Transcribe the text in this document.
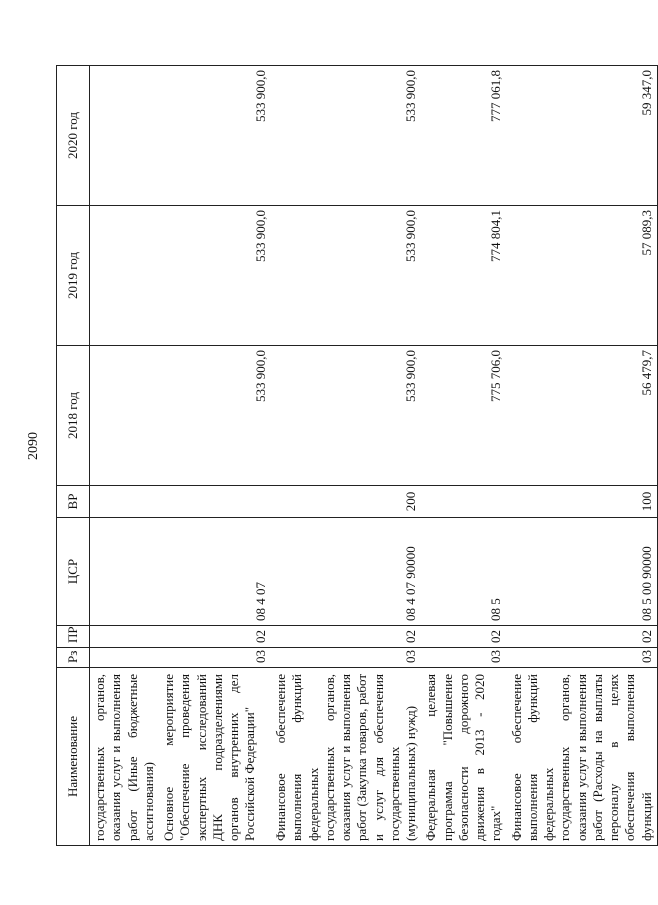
2090
Наименование	Рз	ПР	ЦСР	ВР	2018 год	2019 год	2020 год
государственных органов, оказания услуг и выполнения работ (Иные бюджетные ассигнования)							
Основное мероприятие "Обеспечение проведения экспертных исследований ДНК подразделениями органов внутренних дел Российской Федерации"	03	02	08 4 07		533 900,0	533 900,0	533 900,0
Финансовое обеспечение выполнения функций федеральных государственных органов, оказания услуг и выполнения работ (Закупка товаров, работ и услуг для обеспечения государственных (муниципальных) нужд)	03	02	08 4 07 90000	200	533 900,0	533 900,0	533 900,0
Федеральная целевая программа "Повышение безопасности дорожного движения в 2013 - 2020 годах"	03	02	08 5		775 706,0	774 804,1	777 061,8
Финансовое обеспечение выполнения функций федеральных государственных органов, оказания услуг и выполнения работ (Расходы на выплаты персоналу в целях обеспечения выполнения функций	03	02	08 5 00 90000	100	56 479,7	57 089,3	59 347,0
